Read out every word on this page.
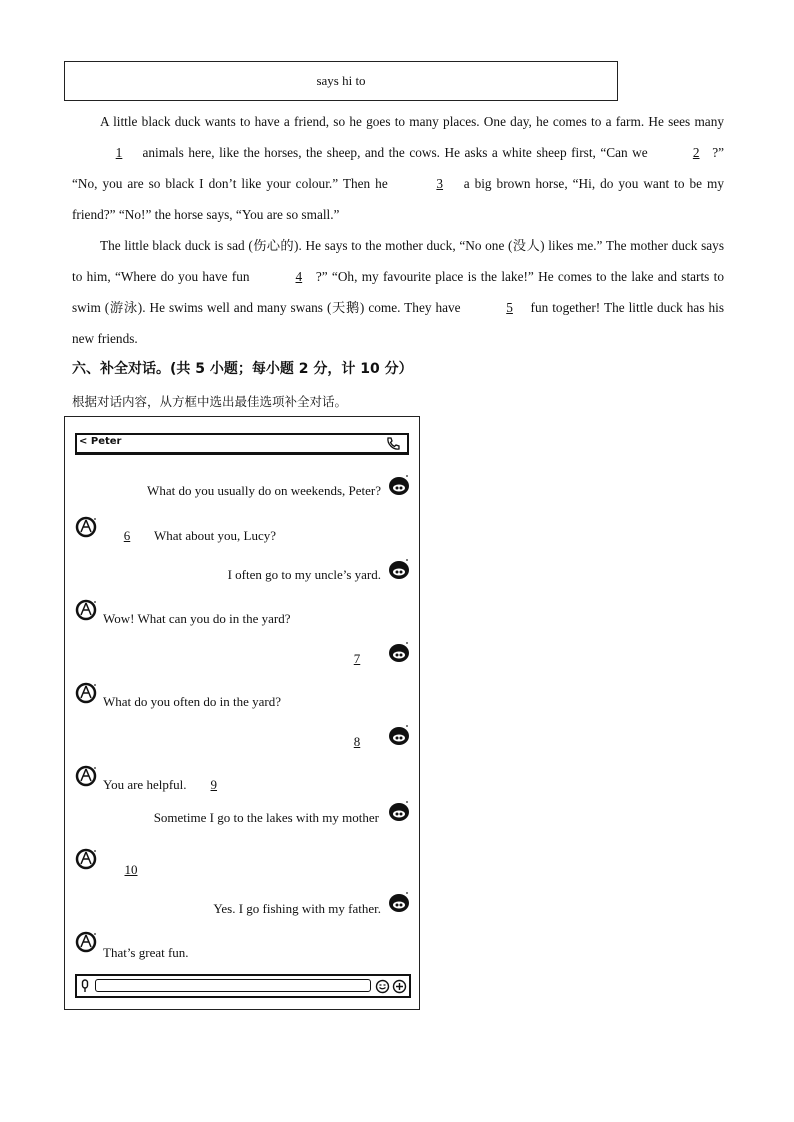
says hi to

A little black duck wants to have a friend, so he goes to many places. One day, he comes to a farm. He sees many 1 animals here, like the horses, the sheep, and the cows. He asks a white sheep first, “Can we	2 ?” “No, you are so black I don’t like your colour.” Then he	3 a big brown horse, “Hi, do you want to be my friend?” “No!” the horse says, “You are so small.”

The little black duck is sad (伤心的). He says to the mother duck, “No one (没人) likes me.” The mother duck says to him, “Where do you have fun	4 ?” “Oh, my favourite place is the lake!” He comes to the lake and starts to swim (游泳). He swims well and many swans (天鹅) come. They have	5 fun together! The little duck has his new friends.

六、补全对话。(共 5 小题；每小题 2 分，计 10 分）
根据对话内容，从方框中选出最佳选项补全对话。
< Peter
What do you usually do on weekends, Peter?
6 What about you, Lucy?
I often go to my uncle’s yard.
Wow! What can you do in the yard?
7
What do you often do in the yard?
8
You are helpful. 9
Sometime I go to the lakes with my mother
10
Yes. I go fishing with my father.
That’s great fun.
